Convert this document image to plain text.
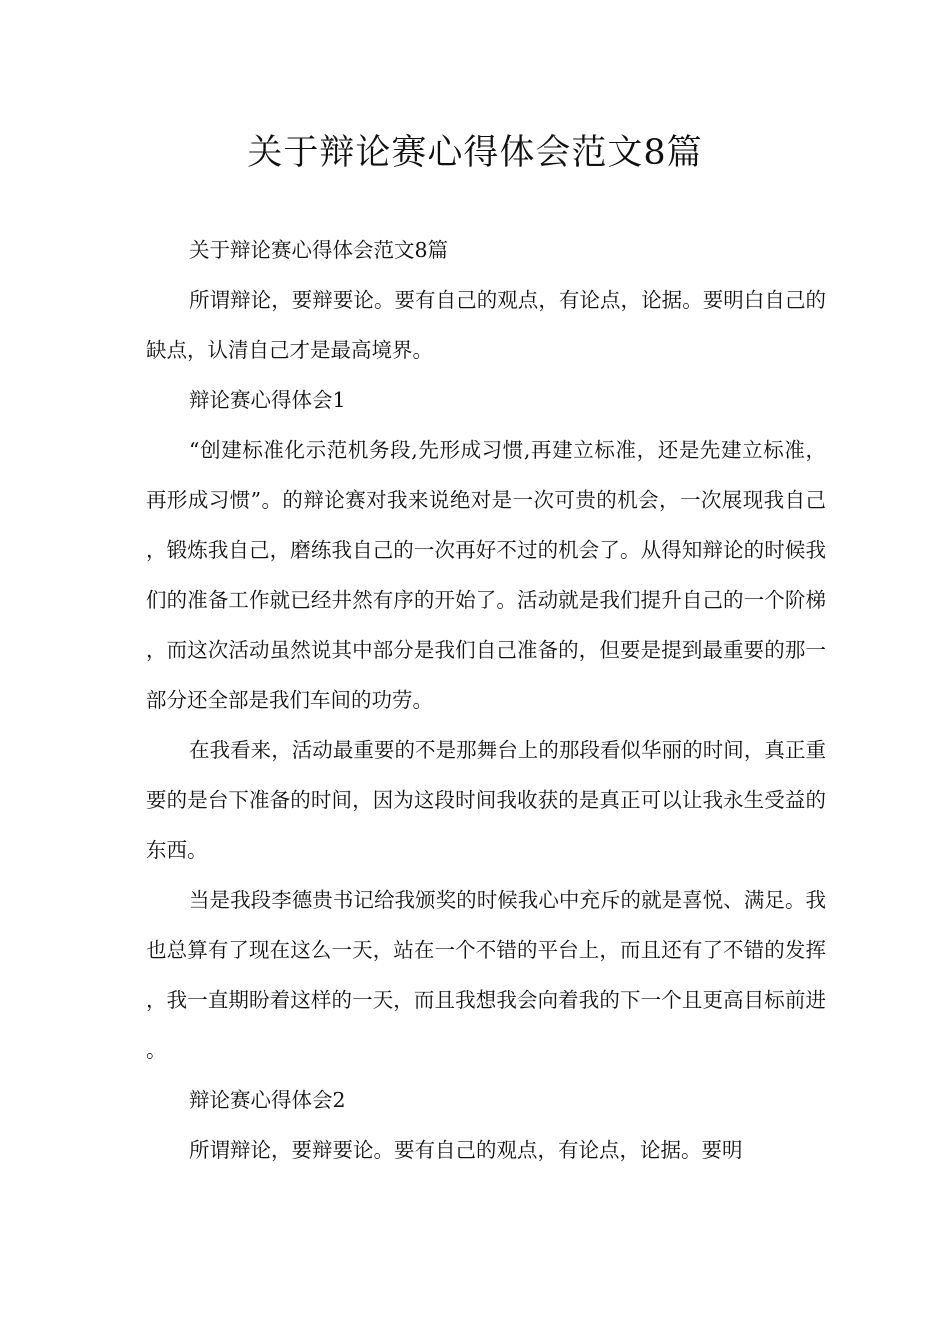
关于辩论赛心得体会范文8篇

关于辩论赛心得体会范文8篇

所谓辩论，要辩要论。要有自己的观点，有论点，论据。要明白自己的缺点，认清自己才是最高境界。

辩论赛心得体会1

“创建标准化示范机务段,先形成习惯,再建立标准，还是先建立标准，再形成习惯”。的辩论赛对我来说绝对是一次可贵的机会，一次展现我自己，锻炼我自己，磨练我自己的一次再好不过的机会了。从得知辩论的时候我们的准备工作就已经井然有序的开始了。活动就是我们提升自己的一个阶梯，而这次活动虽然说其中部分是我们自己准备的，但要是提到最重要的那一部分还全部是我们车间的功劳。

在我看来，活动最重要的不是那舞台上的那段看似华丽的时间，真正重要的是台下准备的时间，因为这段时间我收获的是真正可以让我永生受益的东西。

当是我段李德贵书记给我颁奖的时候我心中充斥的就是喜悦、满足。我也总算有了现在这么一天，站在一个不错的平台上，而且还有了不错的发挥，我一直期盼着这样的一天，而且我想我会向着我的下一个且更高目标前进。

辩论赛心得体会2

所谓辩论，要辩要论。要有自己的观点，有论点，论据。要明
